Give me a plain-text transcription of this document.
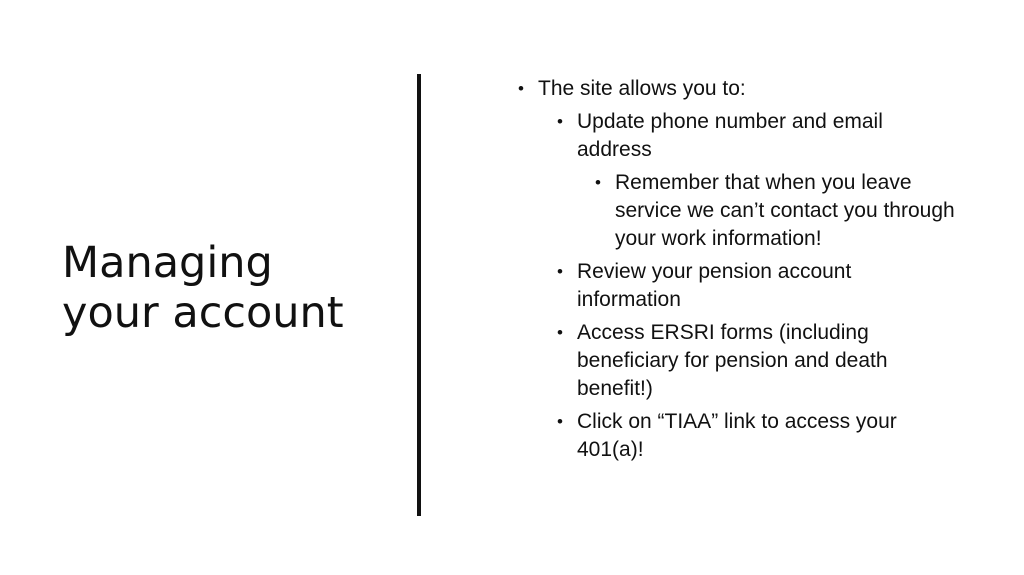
Managing
your account
• The site allows you to:
• Update phone number and email address
• Remember that when you leave service we can’t contact you through your work information!
• Review your pension account information
• Access ERSRI forms (including beneficiary for pension and death benefit!)
• Click on “TIAA” link to access your 401(a)!
